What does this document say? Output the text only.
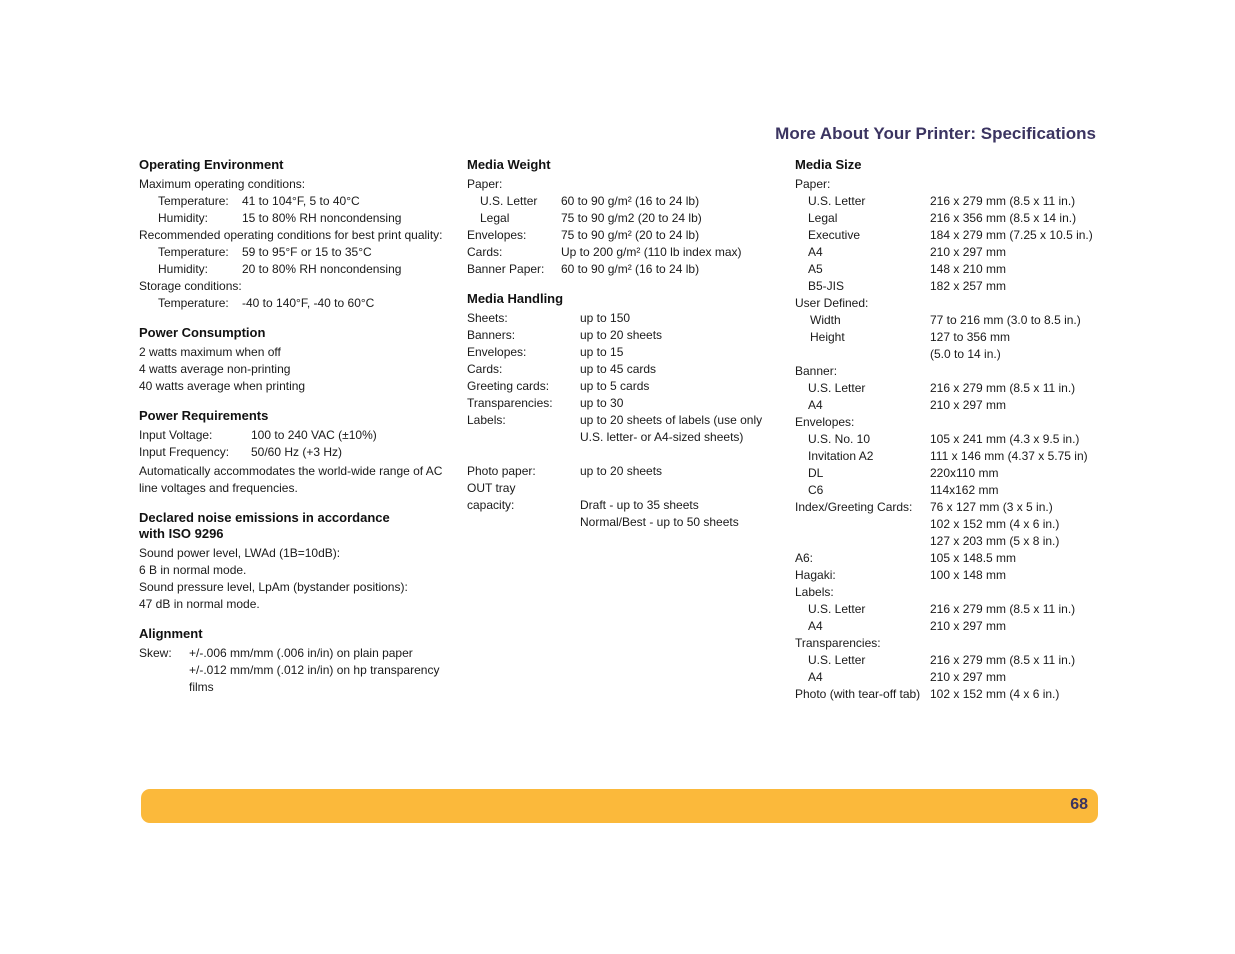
More About Your Printer: Specifications
Operating Environment
Maximum operating conditions:
Temperature:	41 to 104°F, 5 to 40°C
Humidity:	15 to 80% RH noncondensing
Recommended operating conditions for best print quality:
Temperature:	59 to 95°F or 15 to 35°C
Humidity:	20 to 80% RH noncondensing
Storage conditions:
Temperature:	-40 to 140°F, -40 to 60°C
Power Consumption
2 watts maximum when off
4 watts average non-printing
40 watts average when printing
Power Requirements
Input Voltage:	100 to 240 VAC (±10%)
Input Frequency:	50/60 Hz (+3 Hz)
Automatically accommodates the world-wide range of AC line voltages and frequencies.
Declared noise emissions in accordance
with ISO 9296
Sound power level, LWAd (1B=10dB):
6 B in normal mode.
Sound pressure level, LpAm (bystander positions):
47 dB in normal mode.
Alignment
Skew:	+/-.006 mm/mm (.006 in/in) on plain paper
+/-.012 mm/mm (.012 in/in) on hp transparency films
Media Weight
Paper:
U.S. Letter	60 to 90 g/m² (16 to 24 lb)
Legal	75 to 90 g/m2 (20 to 24 lb)
Envelopes:	75 to 90 g/m² (20 to 24 lb)
Cards:	Up to 200 g/m² (110 lb index max)
Banner Paper:	60 to 90 g/m² (16 to 24 lb)
Media Handling
Sheets:	up to 150
Banners:	up to 20 sheets
Envelopes:	up to 15
Cards:	up to 45 cards
Greeting cards:	up to 5 cards
Transparencies:	up to 30
Labels:	up to 20 sheets of labels (use only U.S. letter- or A4-sized sheets)
Photo paper:	up to 20 sheets
OUT tray
capacity:
	Draft - up to 35 sheets
Normal/Best - up to 50 sheets
Media Size
Paper:
U.S. Letter	216 x 279 mm (8.5 x 11 in.)
Legal	216 x 356 mm (8.5 x 14 in.)
Executive	184 x 279 mm (7.25 x 10.5 in.)
A4	210 x 297 mm
A5	148 x 210 mm
B5-JIS	182 x 257 mm
User Defined:
Width	77 to 216 mm (3.0 to 8.5 in.)
Height	127 to 356 mm
(5.0 to 14 in.)
Banner:
U.S. Letter	216 x 279 mm (8.5 x 11 in.)
A4	210 x 297 mm
Envelopes:
U.S. No. 10	105 x 241 mm (4.3 x 9.5 in.)
Invitation A2	111 x 146 mm (4.37 x 5.75 in)
DL	220x110 mm
C6	114x162 mm
Index/Greeting Cards:	76 x 127 mm (3 x 5 in.)
102 x 152 mm (4 x 6 in.)
127 x 203 mm (5 x 8 in.)
A6:	105 x 148.5 mm
Hagaki:	100 x 148 mm
Labels:
U.S. Letter	216 x 279 mm (8.5 x 11 in.)
A4	210 x 297 mm
Transparencies:
U.S. Letter	216 x 279 mm (8.5 x 11 in.)
A4	210 x 297 mm
Photo (with tear-off tab) 102 x 152 mm (4 x 6 in.)
68
